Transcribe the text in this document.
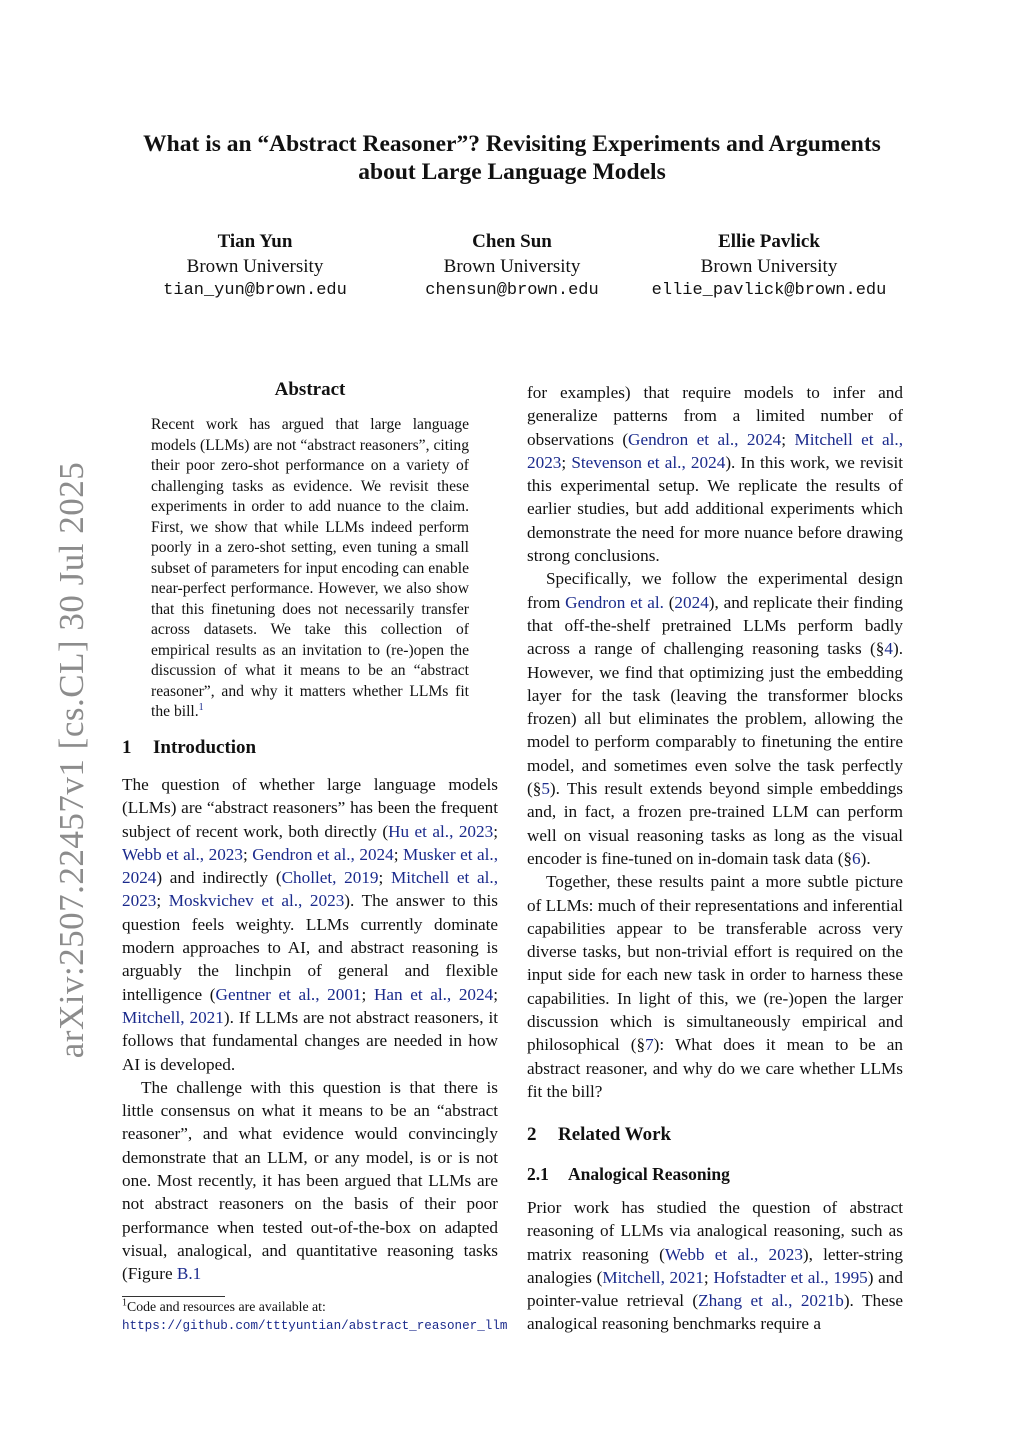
arXiv:2507.22457v1 [cs.CL] 30 Jul 2025
What is an “Abstract Reasoner”? Revisiting Experiments and Arguments
about Large Language Models
Tian Yun
Brown University
tian_yun@brown.edu
Chen Sun
Brown University
chensun@brown.edu
Ellie Pavlick
Brown University
ellie_pavlick@brown.edu
Abstract
Recent work has argued that large language models (LLMs) are not “abstract reasoners”, citing their poor zero-shot performance on a variety of challenging tasks as evidence. We revisit these experiments in order to add nuance to the claim. First, we show that while LLMs indeed perform poorly in a zero-shot setting, even tuning a small subset of parameters for input encoding can enable near-perfect performance. However, we also show that this finetuning does not necessarily transfer across datasets. We take this collection of empirical results as an invitation to (re-)open the discussion of what it means to be an “abstract reasoner”, and why it matters whether LLMs fit the bill.$^1$
1 Introduction

The question of whether large language models (LLMs) are “abstract reasoners” has been the frequent subject of recent work, both directly (Hu et al., 2023; Webb et al., 2023; Gendron et al., 2024; Musker et al., 2024) and indirectly (Chollet, 2019; Mitchell et al., 2023; Moskvichev et al., 2023). The answer to this question feels weighty. LLMs currently dominate modern approaches to AI, and abstract reasoning is arguably the linchpin of general and flexible intelligence (Gentner et al., 2001; Han et al., 2024; Mitchell, 2021). If LLMs are not abstract reasoners, it follows that fundamental changes are needed in how AI is developed.

The challenge with this question is that there is little consensus on what it means to be an “abstract reasoner”, and what evidence would convincingly demonstrate that an LLM, or any model, is or is not one. Most recently, it has been argued that LLMs are not abstract reasoners on the basis of their poor performance when tested out-of-the-box on adapted visual, analogical, and quantitative reasoning tasks (Figure B.1

for examples) that require models to infer and generalize patterns from a limited number of observations (Gendron et al., 2024; Mitchell et al., 2023; Stevenson et al., 2024). In this work, we revisit this experimental setup. We replicate the results of earlier studies, but add additional experiments which demonstrate the need for more nuance before drawing strong conclusions.

Specifically, we follow the experimental design from Gendron et al. (2024), and replicate their finding that off-the-shelf pretrained LLMs perform badly across a range of challenging reasoning tasks (§4). However, we find that optimizing just the embedding layer for the task (leaving the transformer blocks frozen) all but eliminates the problem, allowing the model to perform comparably to finetuning the entire model, and sometimes even solve the task perfectly (§5). This result extends beyond simple embeddings and, in fact, a frozen pre-trained LLM can perform well on visual reasoning tasks as long as the visual encoder is fine-tuned on in-domain task data (§6).

Together, these results paint a more subtle picture of LLMs: much of their representations and inferential capabilities appear to be transferable across very diverse tasks, but non-trivial effort is required on the input side for each new task in order to harness these capabilities. In light of this, we (re-)open the larger discussion which is simultaneously empirical and philosophical (§7): What does it mean to be an abstract reasoner, and why do we care whether LLMs fit the bill?

2 Related Work
2.1 Analogical Reasoning

Prior work has studied the question of abstract reasoning of LLMs via analogical reasoning, such as matrix reasoning (Webb et al., 2023), letter-string analogies (Mitchell, 2021; Hofstadter et al., 1995) and pointer-value retrieval (Zhang et al., 2021b). These analogical reasoning benchmarks require a

$^1$Code and resources are available at: https://github.com/tttyuntian/abstract_reasoner_llm
